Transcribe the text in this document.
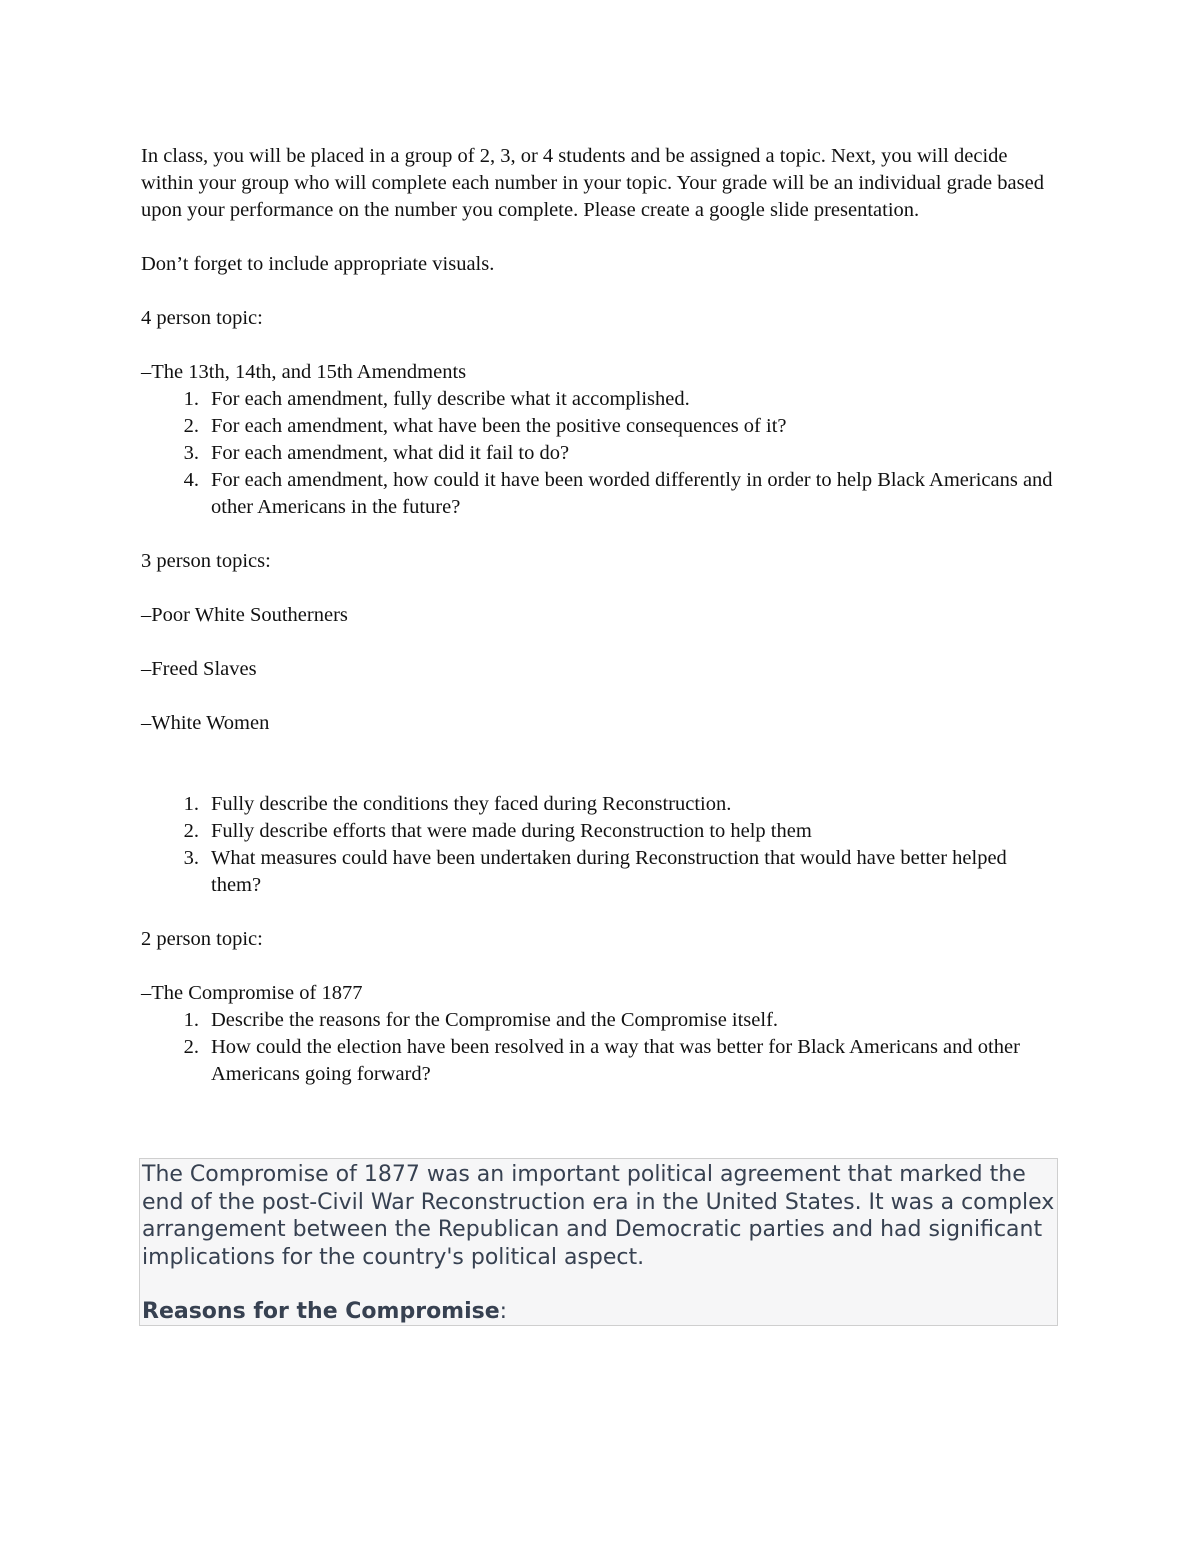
In class, you will be placed in a group of 2, 3, or 4 students and be assigned a topic. Next, you will decide within your group who will complete each number in your topic. Your grade will be an individual grade based upon your performance on the number you complete. Please create a google slide presentation.

Don’t forget to include appropriate visuals.

4 person topic:

–The 13th, 14th, and 15th Amendments

1. For each amendment, fully describe what it accomplished.
2. For each amendment, what have been the positive consequences of it?
3. For each amendment, what did it fail to do?
4. For each amendment, how could it have been worded differently in order to help Black Americans and other Americans in the future?

3 person topics:

–Poor White Southerners

–Freed Slaves

–White Women

1. Fully describe the conditions they faced during Reconstruction.
2. Fully describe efforts that were made during Reconstruction to help them
3. What measures could have been undertaken during Reconstruction that would have better helped them?

2 person topic:

–The Compromise of 1877

1. Describe the reasons for the Compromise and the Compromise itself.
2. How could the election have been resolved in a way that was better for Black Americans and other Americans going forward?

The Compromise of 1877 was an important political agreement that marked the end of the post-Civil War Reconstruction era in the United States. It was a complex arrangement between the Republican and Democratic parties and had significant implications for the country's political aspect.

Reasons for the Compromise:
